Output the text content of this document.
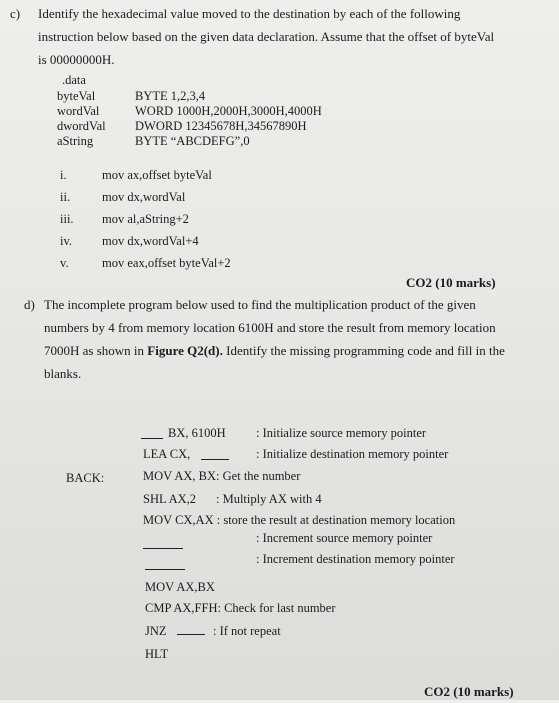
c) Identify the hexadecimal value moved to the destination by each of the following
instruction below based on the given data declaration. Assume that the offset of byteVal
is 00000000H.
.data
byteVal	BYTE 1,2,3,4
wordVal	WORD 1000H,2000H,3000H,4000H
dwordVal DWORD 12345678H,34567890H
aString	BYTE “ABCDEFG”,0
i.	mov ax,offset byteVal
ii.	mov dx,wordVal
iii. mov al,aString+2
iv. mov dx,wordVal+4
v.	mov eax,offset byteVal+2
CO2 (10 marks)
d) The incomplete program below used to find the multiplication product of the given
numbers by 4 from memory location 6100H and store the result from memory location
7000H as shown in Figure Q2(d). Identify the missing programming code and fill in the
blanks.
BX, 6100H : Initialize source memory pointer
LEA CX,	: Initialize destination memory pointer
BACK:	MOV AX, BX: Get the number
SHL AX,2 : Multiply AX with 4
MOV CX,AX : store the result at destination memory location
: Increment source memory pointer
: Increment destination memory pointer
MOV AX,BX
CMP AX,FFH: Check for last number
JNZ	: If not repeat
HLT
CO2 (10 marks)
